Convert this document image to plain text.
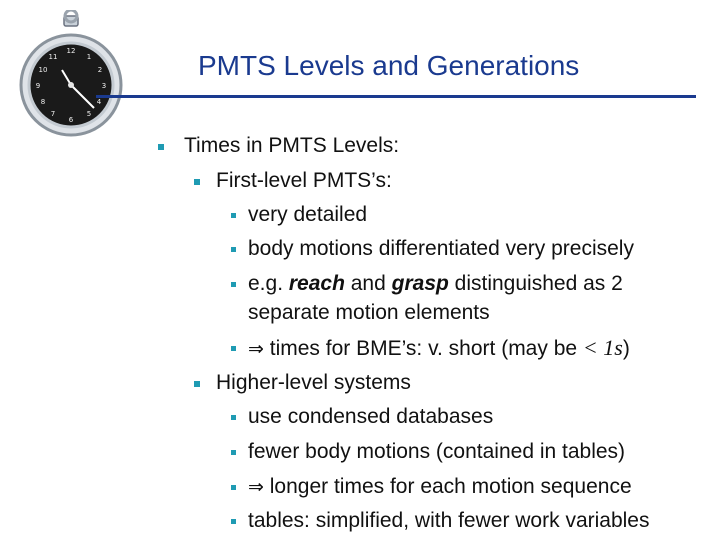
12
1
2
3
4
5
6
7
8
9
10
11	PMTS Levels and Generations
Times in PMTS Levels:
First-level PMTS’s:
very detailed
body motions differentiated very precisely
e.g. reach and grasp distinguished as 2
separate motion elements
⇒ times for BME’s: v. short (may be < 1s)
Higher-level systems
use condensed databases
fewer body motions (contained in tables)
⇒ longer times for each motion sequence
tables: simplified, with fewer work variables
